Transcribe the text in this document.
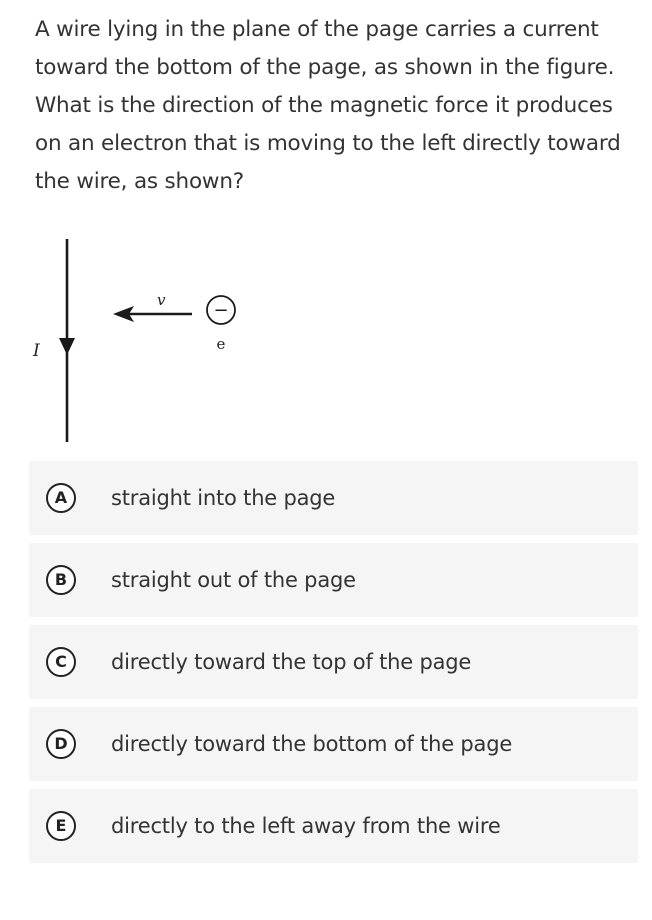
A wire lying in the plane of the page carries a current toward the bottom of the page, as shown in the figure. What is the direction of the magnetic force it produces on an electron that is moving to the left directly toward the wire, as shown?

I
v	−
e
A	straight into the page
B	straight out of the page
C	directly toward the top of the page
D	directly toward the bottom of the page
E	directly to the left away from the wire
